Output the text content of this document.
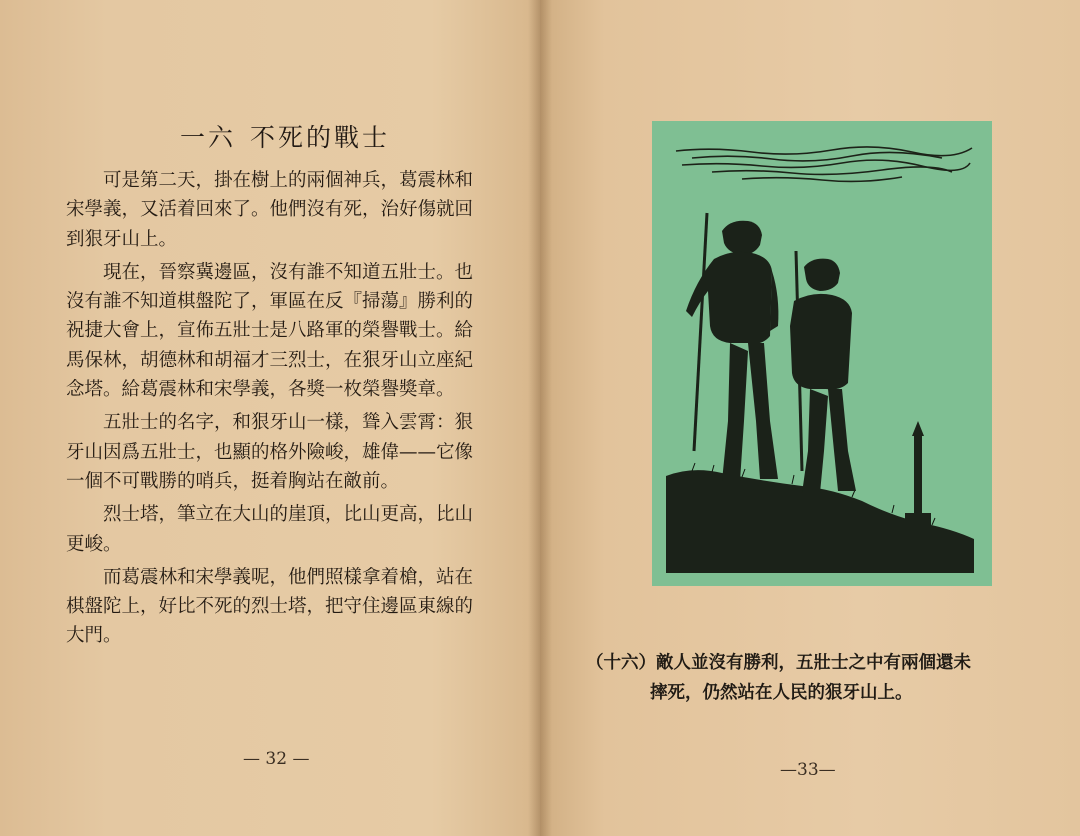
一六 不死的戰士

可是第二天，掛在樹上的兩個神兵，葛震林和宋學義，又活着回來了。他們沒有死，治好傷就回到狠牙山上。

現在，晉察冀邊區，沒有誰不知道五壯士。也沒有誰不知道棋盤陀了，軍區在反『掃蕩』勝利的祝捷大會上，宣佈五壯士是八路軍的榮譽戰士。給馬保林，胡德林和胡福才三烈士，在狠牙山立座紀念塔。給葛震林和宋學義，各獎一枚榮譽獎章。

五壯士的名字，和狠牙山一樣，聳入雲霄：狠牙山因爲五壯士，也顯的格外險峻，雄偉——它像一個不可戰勝的哨兵，挺着胸站在敵前。

烈士塔，筆立在大山的崖頂，比山更高，比山更峻。

而葛震林和宋學義呢，他們照樣拿着槍，站在棋盤陀上，好比不死的烈士塔，把守住邊區東線的大門。

— 32 —
（十六）敵人並沒有勝利，五壯士之中有兩個還未
摔死，仍然站在人民的狠牙山上。
—33—
